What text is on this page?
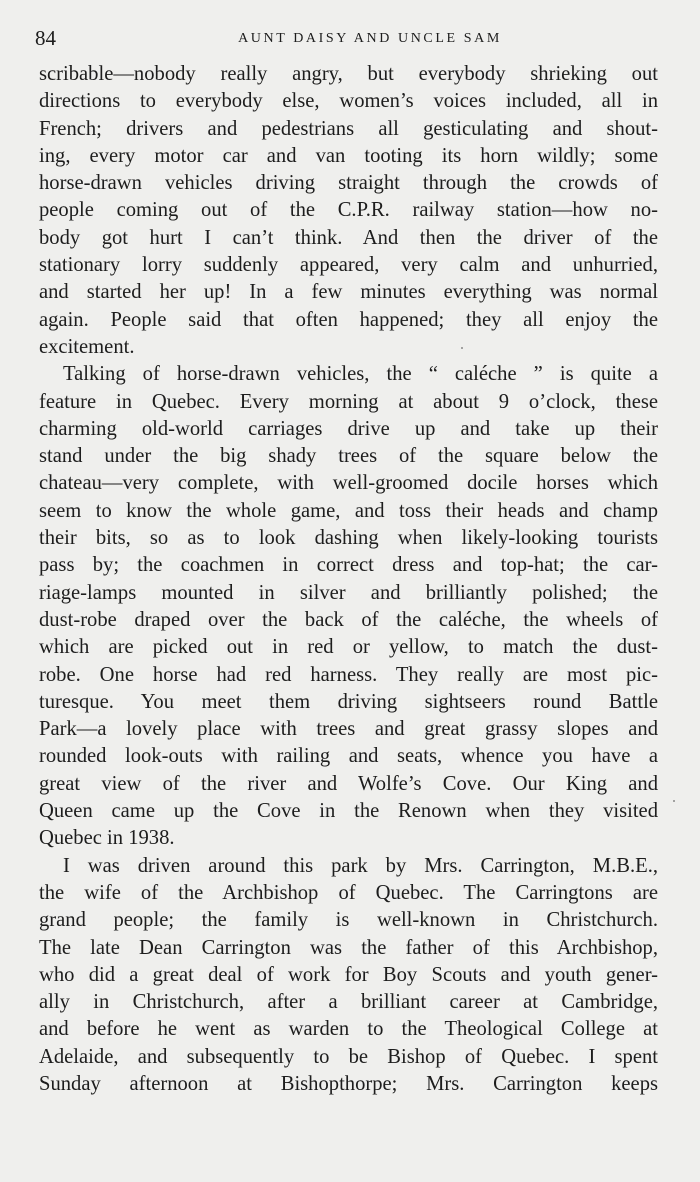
84	AUNT DAISY AND UNCLE SAM
scribable—nobody really angry, but everybody shrieking out
directions to everybody else, women’s voices included, all in
French; drivers and pedestrians all gesticulating and shout-
ing, every motor car and van tooting its horn wildly; some
horse-drawn vehicles driving straight through the crowds of
people coming out of the C.P.R. railway station—how no-
body got hurt I can’t think. And then the driver of the
stationary lorry suddenly appeared, very calm and unhurried,
and started her up! In a few minutes everything was normal
again. People said that often happened; they all enjoy the
excitement.
Talking of horse-drawn vehicles, the “ caléche ” is quite a
feature in Quebec. Every morning at about 9 o’clock, these
charming old-world carriages drive up and take up their
stand under the big shady trees of the square below the
chateau—very complete, with well-groomed docile horses which
seem to know the whole game, and toss their heads and champ
their bits, so as to look dashing when likely-looking tourists
pass by; the coachmen in correct dress and top-hat; the car-
riage-lamps mounted in silver and brilliantly polished; the
dust-robe draped over the back of the caléche, the wheels of
which are picked out in red or yellow, to match the dust-
robe. One horse had red harness. They really are most pic-
turesque. You meet them driving sightseers round Battle
Park—a lovely place with trees and great grassy slopes and
rounded look-outs with railing and seats, whence you have a
great view of the river and Wolfe’s Cove. Our King and
Queen came up the Cove in the Renown when they visited
Quebec in 1938.
I was driven around this park by Mrs. Carrington, M.B.E.,
the wife of the Archbishop of Quebec. The Carringtons are
grand people; the family is well-known in Christchurch.
The late Dean Carrington was the father of this Archbishop,
who did a great deal of work for Boy Scouts and youth gener-
ally in Christchurch, after a brilliant career at Cambridge,
and before he went as warden to the Theological College at
Adelaide, and subsequently to be Bishop of Quebec. I spent
Sunday afternoon at Bishopthorpe; Mrs. Carrington keeps
